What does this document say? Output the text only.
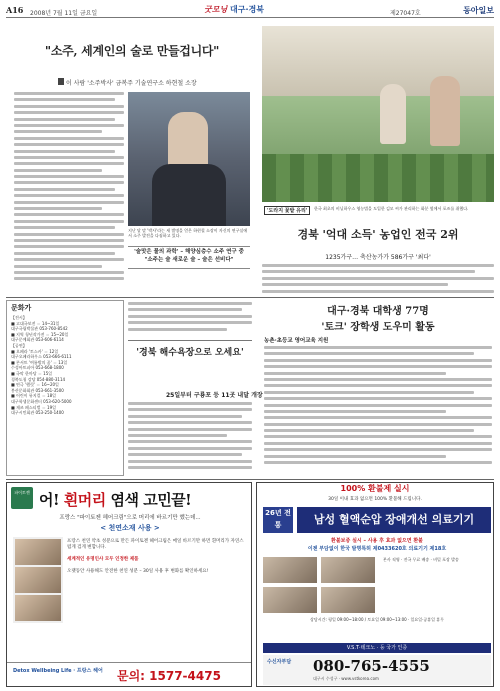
A16 2008년 7월 11일 금요일	굿모닝 대구·경북	제27047호	동아일보
"소주, 세계인의 술로 만들겁니다"
이 사람 '소주박사' 금복주 기술연구소 하현철 소장
지난 달 말 '박사'라는 새 별명을 얻은 하현철 소장이 자신의 연구실에서 소주 발전을 다짐하고 있다.
'술맛은 물의 과학' – 해양심층수 소주 연구 중
"소주는 술 새로운 술 – 술은 선비다"
'도라지 꽃밭 유리'	한국 최초의 비닐하우스 영농법을 도입한 김모 씨가 관리하는 화분 옆에서 포즈를 취했다.
경북 '억대 소득' 농업인 전국 2위
1235가구… 축산농가가 586가구 '최다'
문화가
【전시】
■ 고대국보전 ＝ 14~31일
대구국립박물관 053-760-8542
■ 지역 청년작가전 ＝ 15~20일
대구문예회관 053-606-6114
【공연】
■ 오페라 '토스카' ＝ 12일
대구오페라하우스 053-666-6111
■ 콘서트 '여름밤의 꿈' ＝ 13일
수성아트피아 053-668-1800
■ 국악 한마당 ＝ 15일
경북도청 강당 054-880-3114
■ 연극 '햄릿' ＝ 16~20일
봉산문화회관 053-661-3500
■ 어린이 뮤지컬 ＝ 18일
대구학생문화센터 053-620-5000
■ 재즈 페스티벌 ＝ 19일
대구시민회관 053-250-1400
'경북 해수욕장으로 오세요'
25일부터 구룡포 등 11곳 내달 개장
대구·경북 대학생 77명
'토크' 장학생 도우미 활동
농촌·초등교 영어교육 지원
파이토젠 어! 흰머리 염색 고민끝!
프랑스 "파이토젠 헤어크림"으로 머리에 바르기만 했는데...
< 천연소재 사용 >

프랑스 천연 약초 성분으로 만든 파이토젠 헤어크림은 매일 바르기만 하면 흰머리가 자연스럽게 검게 변합니다.

세계적인 유명인사 모두 인정한 제품

오랫동안 사용해도 안전한 천연 성분 – 30일 사용 후 변화를 확인하세요!

Detox Wellbeing Life · 프랑스 헤어 문의: 1577-4475
100% 환불제 실시
30일 이내 효과 없으면 100% 환불해 드립니다.
26년 전통	남성 혈액순압 장애개선 의료기기
환불보증 실시 – 사용 후 효과 없으면 환불
이젠 부담없이 한국 발명특허 제0433620호 의료기기 제18호
본사 직영 · 전국 무료 배송 · 비밀 포장 발송
상담시간: 평일 09:00~18:00 / 토요일 09:00~13:00 · 일요일·공휴일 휴무
V.S.T·테크노 · 등 국가 인증
수신자부담 080-765-4555
대구시 수성구 · www.vstkorea.com
